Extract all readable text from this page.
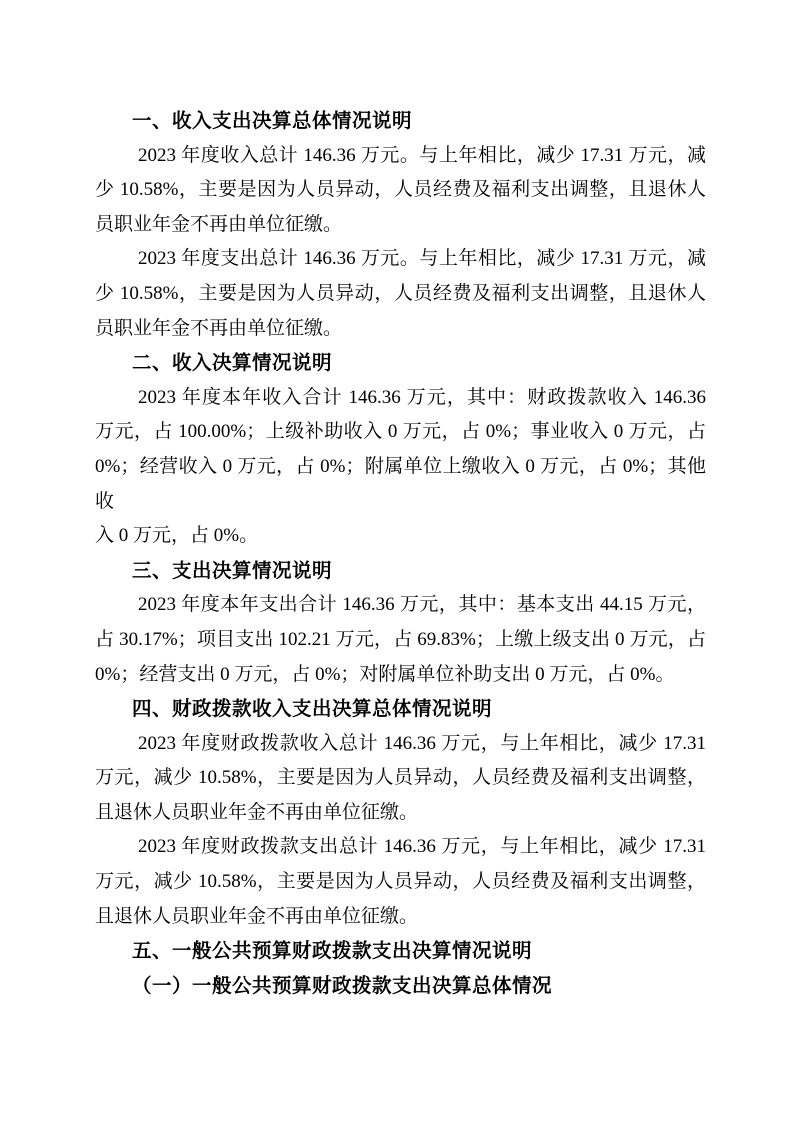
一、收入支出决算总体情况说明
2023 年度收入总计 146.36 万元。与上年相比，减少 17.31 万元，减
少 10.58%，主要是因为人员异动，人员经费及福利支出调整，且退休人
员职业年金不再由单位征缴。
2023 年度支出总计 146.36 万元。与上年相比，减少 17.31 万元，减
少 10.58%，主要是因为人员异动，人员经费及福利支出调整，且退休人
员职业年金不再由单位征缴。
二、收入决算情况说明
2023 年度本年收入合计 146.36 万元，其中：财政拨款收入 146.36
万元，占 100.00%；上级补助收入 0 万元，占 0%；事业收入 0 万元，占
0%；经营收入 0 万元，占 0%；附属单位上缴收入 0 万元，占 0%；其他收
入 0 万元，占 0%。
三、支出决算情况说明
2023 年度本年支出合计 146.36 万元，其中：基本支出 44.15 万元，
占 30.17%；项目支出 102.21 万元，占 69.83%；上缴上级支出 0 万元，占
0%；经营支出 0 万元，占 0%；对附属单位补助支出 0 万元，占 0%。
四、财政拨款收入支出决算总体情况说明
2023 年度财政拨款收入总计 146.36 万元，与上年相比，减少 17.31
万元，减少 10.58%，主要是因为人员异动，人员经费及福利支出调整，
且退休人员职业年金不再由单位征缴。
2023 年度财政拨款支出总计 146.36 万元，与上年相比，减少 17.31
万元，减少 10.58%，主要是因为人员异动，人员经费及福利支出调整，
且退休人员职业年金不再由单位征缴。
五、一般公共预算财政拨款支出决算情况说明
（一）一般公共预算财政拨款支出决算总体情况
